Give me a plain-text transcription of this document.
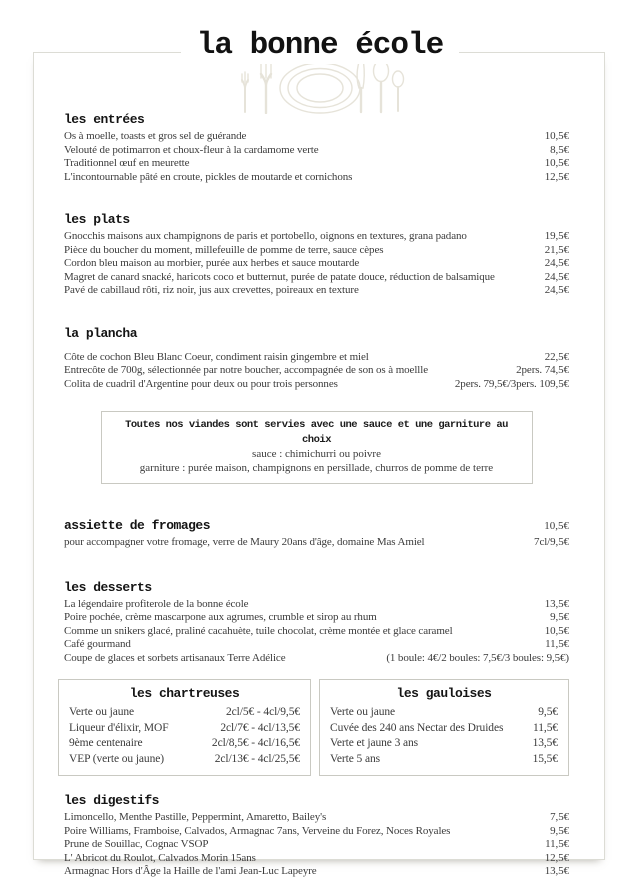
les entrées
Os à moelle, toasts et gros sel de guérande	10,5€
Velouté de potimarron et choux-fleur à la cardamome verte	8,5€
Traditionnel œuf en meurette	10,5€
L'incontournable pâté en croute, pickles de moutarde et cornichons	12,5€
les plats
Gnocchis maisons aux champignons de paris et portobello, oignons en textures, grana padano	19,5€
Pièce du boucher du moment, millefeuille de pomme de terre, sauce cèpes	21,5€
Cordon bleu maison au morbier, purée aux herbes et sauce moutarde	24,5€
Magret de canard snacké, haricots coco et butternut, purée de patate douce, réduction de balsamique	24,5€
Pavé de cabillaud rôti, riz noir, jus aux crevettes, poireaux en texture	24,5€
la plancha
Côte de cochon Bleu Blanc Coeur, condiment raisin gingembre et miel	22,5€
Entrecôte de 700g, sélectionnée par notre boucher, accompagnée de son os à moellle	2pers. 74,5€
Colita de cuadril d'Argentine pour deux ou pour trois personnes	2pers. 79,5€/3pers. 109,5€
Toutes nos viandes sont servies avec une sauce et une garniture au choix
sauce : chimichurri ou poivre
garniture : purée maison, champignons en persillade, churros de pomme de terre
assiette de fromages	10,5€
pour accompagner votre fromage, verre de Maury 20ans d'âge, domaine Mas Amiel	7cl/9,5€
les desserts
La légendaire profiterole de la bonne école	13,5€
Poire pochée, crème mascarpone aux agrumes, crumble et sirop au rhum	9,5€
Comme un snikers glacé, praliné cacahuète, tuile chocolat, crème montée et glace caramel	10,5€
Café gourmand	11,5€
Coupe de glaces et sorbets artisanaux Terre Adélice	(1 boule: 4€/2 boules: 7,5€/3 boules: 9,5€)
les chartreuses
Verte ou jaune	2cl/5€ - 4cl/9,5€
Liqueur d'élixir, MOF	2cl/7€ - 4cl/13,5€
9ème centenaire	2cl/8,5€ - 4cl/16,5€
VEP (verte ou jaune)	2cl/13€ - 4cl/25,5€
les gauloises
Verte ou jaune	9,5€
Cuvée des 240 ans Nectar des Druides	11,5€
Verte et jaune 3 ans	13,5€
Verte 5 ans	15,5€
les digestifs
Limoncello, Menthe Pastille, Peppermint, Amaretto, Bailey's	7,5€
Poire Williams, Framboise, Calvados, Armagnac 7ans, Verveine du Forez, Noces Royales	9,5€
Prune de Souillac, Cognac VSOP	11,5€
L' Abricot du Roulot, Calvados Morin 15ans	12,5€
Armagnac Hors d'Âge la Haille de l'ami Jean-Luc Lapeyre	13,5€
la bonne école
